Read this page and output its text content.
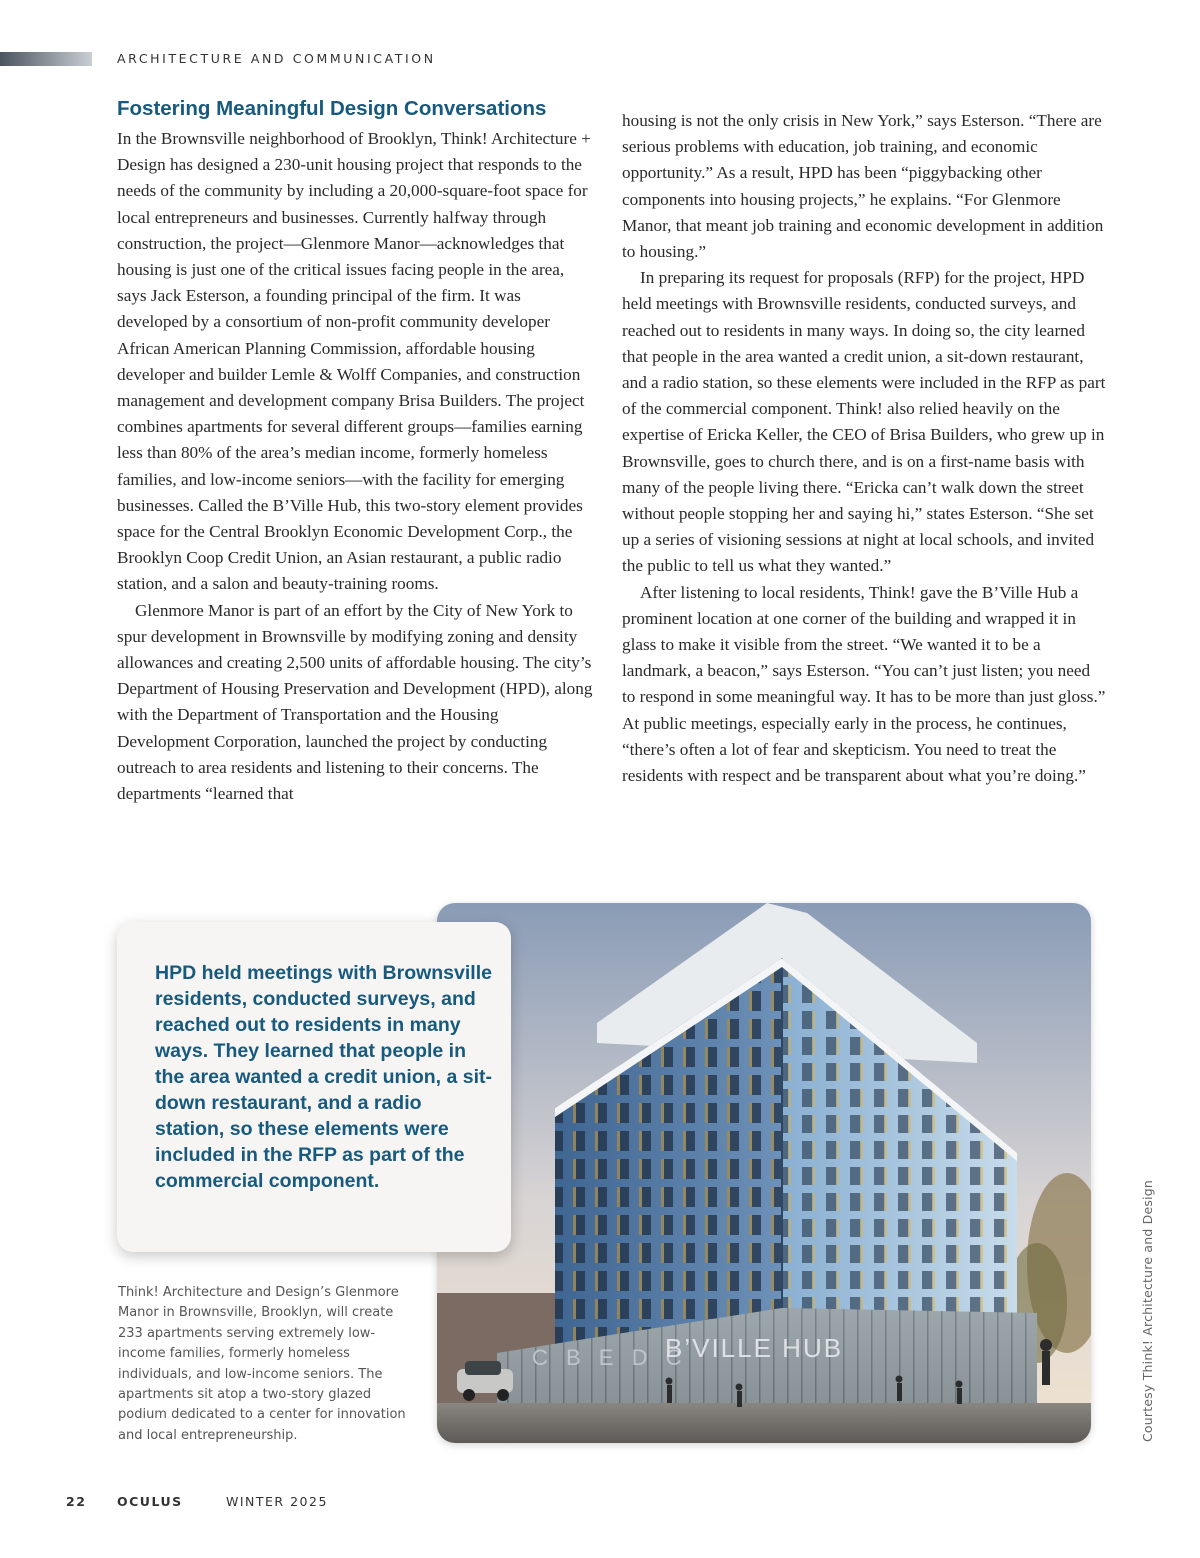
ARCHITECTURE AND COMMUNICATION
Fostering Meaningful Design Conversations

In the Brownsville neighborhood of Brooklyn, Think! Architecture + Design has designed a 230-unit housing project that responds to the needs of the community by including a 20,000-square-foot space for local entrepreneurs and businesses. Currently halfway through construction, the project—Glenmore Manor—acknowledges that housing is just one of the critical issues facing people in the area, says Jack Esterson, a founding principal of the firm. It was developed by a consortium of non-profit community developer African American Planning Commission, affordable housing developer and builder Lemle & Wolff Companies, and construction management and development company Brisa Builders. The project combines apartments for several different groups—families earning less than 80% of the area’s median income, formerly homeless families, and low-income seniors—with the facility for emerging businesses. Called the B’Ville Hub, this two-story element provides space for the Central Brooklyn Economic Development Corp., the Brooklyn Coop Credit Union, an Asian restaurant, a public radio station, and a salon and beauty-training rooms.

Glenmore Manor is part of an effort by the City of New York to spur development in Brownsville by modifying zoning and density allowances and creating 2,500 units of affordable housing. The city’s Department of Housing Preservation and Development (HPD), along with the Department of Transportation and the Housing Development Corporation, launched the project by conducting outreach to area residents and listening to their concerns. The departments “learned that

housing is not the only crisis in New York,” says Esterson. “There are serious problems with education, job training, and economic opportunity.” As a result, HPD has been “piggybacking other components into housing projects,” he explains. “For Glenmore Manor, that meant job training and economic development in addition to housing.”

In preparing its request for proposals (RFP) for the project, HPD held meetings with Brownsville residents, conducted surveys, and reached out to residents in many ways. In doing so, the city learned that people in the area wanted a credit union, a sit-down restaurant, and a radio station, so these elements were included in the RFP as part of the commercial component. Think! also relied heavily on the expertise of Ericka Keller, the CEO of Brisa Builders, who grew up in Brownsville, goes to church there, and is on a first-name basis with many of the people living there. “Ericka can’t walk down the street without people stopping her and saying hi,” states Esterson. “She set up a series of visioning sessions at night at local schools, and invited the public to tell us what they wanted.”

After listening to local residents, Think! gave the B’Ville Hub a prominent location at one corner of the building and wrapped it in glass to make it visible from the street. “We wanted it to be a landmark, a beacon,” says Esterson. “You can’t just listen; you need to respond in some meaningful way. It has to be more than just gloss.” At public meetings, especially early in the process, he continues, “there’s often a lot of fear and skepticism. You need to treat the residents with respect and be transparent about what you’re doing.”

C B E D C
B’VILLE HUB
HPD held meetings with Brownsville residents, conducted surveys, and reached out to residents in many ways. They learned that people in the area wanted a credit union, a sit-down restaurant, and a radio station, so these elements were included in the RFP as part of the commercial component.
Think! Architecture and Design’s Glenmore Manor in Brownsville, Brooklyn, will create 233 apartments serving extremely low-income families, formerly homeless individuals, and low-income seniors. The apartments sit atop a two-story glazed podium dedicated to a center for innovation and local entrepreneurship.	Courtesy Think! Architecture and Design
22 OCULUS	WINTER 2025
